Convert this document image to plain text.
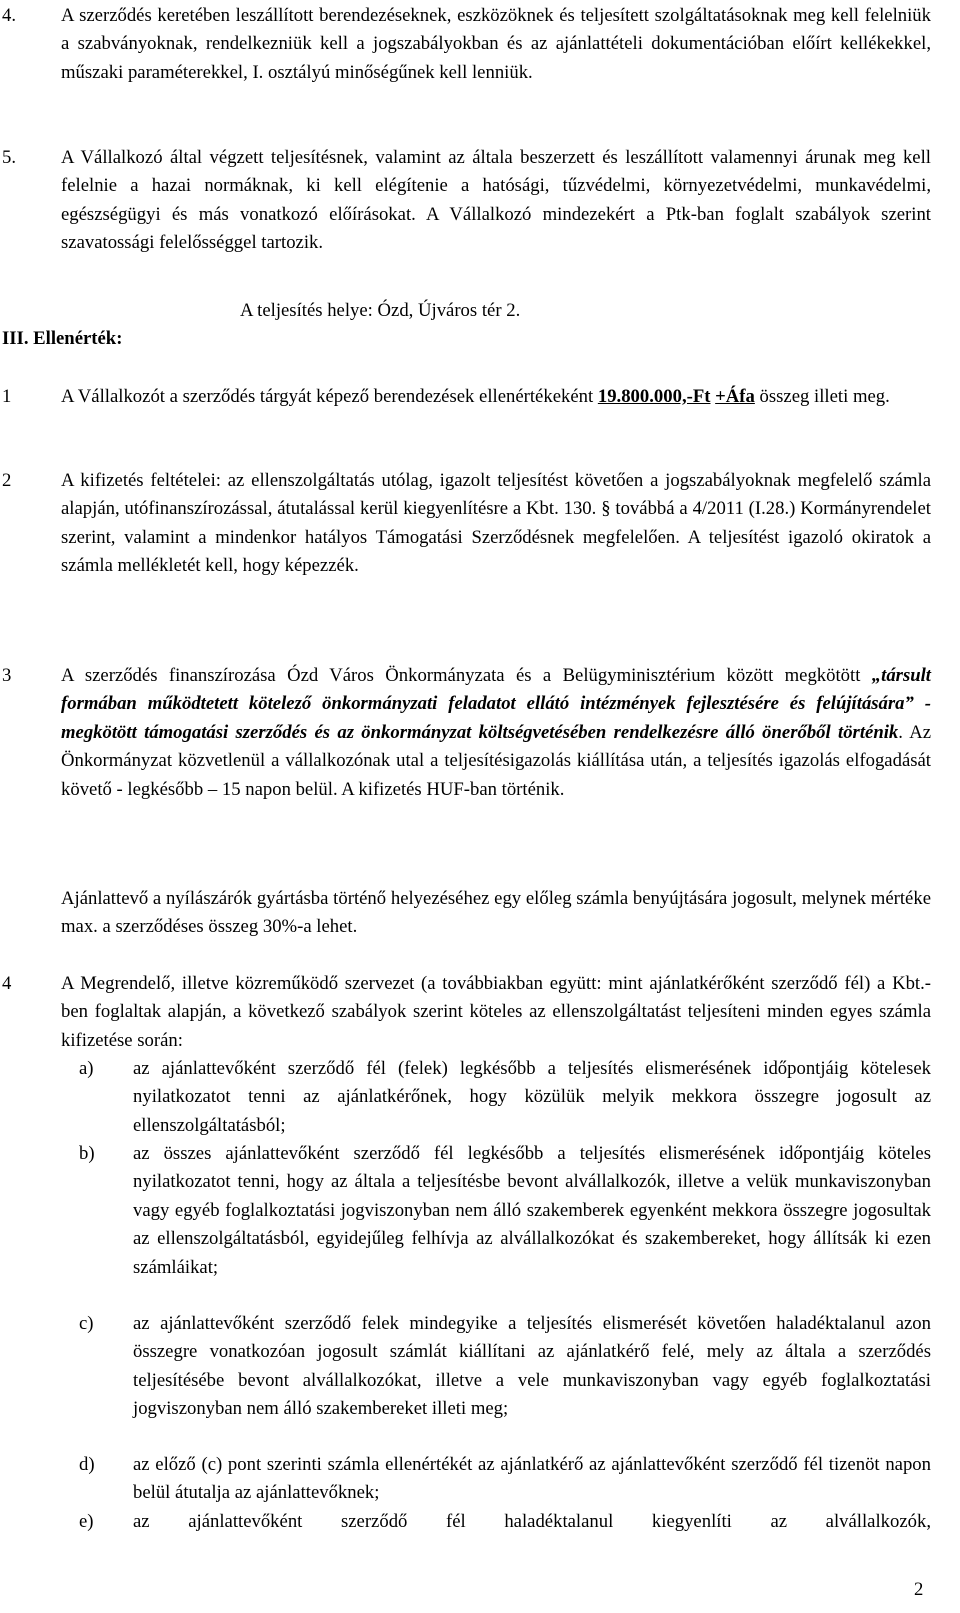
4. A szerződés keretében leszállított berendezéseknek, eszközöknek és teljesített szolgáltatásoknak meg kell felelniük a szabványoknak, rendelkezniük kell a jogszabályokban és az ajánlattételi dokumentációban előírt kellékekkel, műszaki paraméterekkel, I. osztályú minőségűnek kell lenniük.
5. A Vállalkozó által végzett teljesítésnek, valamint az általa beszerzett és leszállított valamennyi árunak meg kell felelnie a hazai normáknak, ki kell elégítenie a hatósági, tűzvédelmi, környezetvédelmi, munkavédelmi, egészségügyi és más vonatkozó előírásokat. A Vállalkozó mindezekért a Ptk-ban foglalt szabályok szerint szavatossági felelősséggel tartozik.
A teljesítés helye: Ózd, Újváros tér 2.
III. Ellenérték:
1	A Vállalkozót a szerződés tárgyát képező berendezések ellenértékeként 19.800.000,-Ft +Áfa összeg illeti meg.
2	A kifizetés feltételei: az ellenszolgáltatás utólag, igazolt teljesítést követően a jogszabályoknak megfelelő számla alapján, utófinanszírozással, átutalással kerül kiegyenlítésre a Kbt. 130. § továbbá a 4/2011 (I.28.) Kormányrendelet szerint, valamint a mindenkor hatályos Támogatási Szerződésnek megfelelően. A teljesítést igazoló okiratok a számla mellékletét kell, hogy képezzék.
3	A szerződés finanszírozása Ózd Város Önkormányzata és a Belügyminisztérium között megkötött „társult formában működtetett kötelező önkormányzati feladatot ellátó intézmények fejlesztésére és felújítására” - megkötött támogatási szerződés és az önkormányzat költségvetésében rendelkezésre álló önerőből történik. Az Önkormányzat közvetlenül a vállalkozónak utal a teljesítésigazolás kiállítása után, a teljesítés igazolás elfogadását követő - legkésőbb – 15 napon belül. A kifizetés HUF-ban történik.
Ajánlattevő a nyílászárók gyártásba történő helyezéséhez egy előleg számla benyújtására jogosult, melynek mértéke max. a szerződéses összeg 30%-a lehet.
4	A Megrendelő, illetve közreműködő szervezet (a továbbiakban együtt: mint ajánlatkérőként szerződő fél) a Kbt.-ben foglaltak alapján, a következő szabályok szerint köteles az ellenszolgáltatást teljesíteni minden egyes számla kifizetése során:
a) az ajánlattevőként szerződő fél (felek) legkésőbb a teljesítés elismerésének időpontjáig kötelesek nyilatkozatot tenni az ajánlatkérőnek, hogy közülük melyik mekkora összegre jogosult az ellenszolgáltatásból;
b) az összes ajánlattevőként szerződő fél legkésőbb a teljesítés elismerésének időpontjáig köteles nyilatkozatot tenni, hogy az általa a teljesítésbe bevont alvállalkozók, illetve a velük munkaviszonyban vagy egyéb foglalkoztatási jogviszonyban nem álló szakemberek egyenként mekkora összegre jogosultak az ellenszolgáltatásból, egyidejűleg felhívja az alvállalkozókat és szakembereket, hogy állítsák ki ezen számláikat;
c) az ajánlattevőként szerződő felek mindegyike a teljesítés elismerését követően haladéktalanul azon összegre vonatkozóan jogosult számlát kiállítani az ajánlatkérő felé, mely az általa a szerződés teljesítésébe bevont alvállalkozókat, illetve a vele munkaviszonyban vagy egyéb foglalkoztatási jogviszonyban nem álló szakembereket illeti meg;
d) az előző (c) pont szerinti számla ellenértékét az ajánlatkérő az ajánlattevőként szerződő fél tizenöt napon belül átutalja az ajánlattevőknek;
e) az ajánlattevőként szerződő fél haladéktalanul kiegyenlíti az alvállalkozók,
2
